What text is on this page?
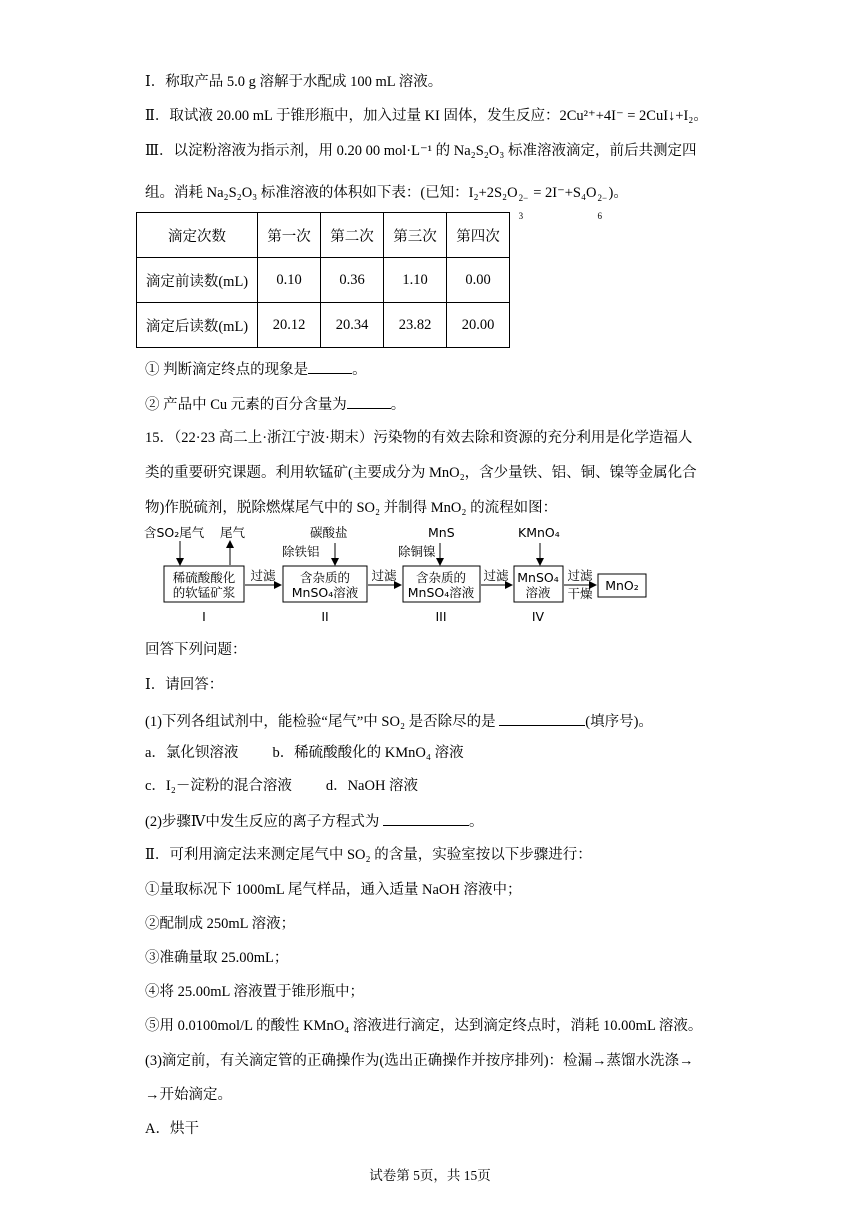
Ⅰ．称取产品 5.0 g 溶解于水配成 100 mL 溶液。
Ⅱ．取试液 20.00 mL 于锥形瓶中，加入过量 KI 固体，发生反应：2Cu²⁺+4I⁻ = 2CuI↓+I₂。
Ⅲ．以淀粉溶液为指示剂，用 0.20 00 mol·L⁻¹ 的 Na₂S₂O₃ 标准溶液滴定，前后共测定四
组。消耗 Na₂S₂O₃ 标准溶液的体积如下表：(已知：I₂+2S₂O 2−
3
= 2I⁻+S₄O 2−
6
)。
滴定次数	第一次	第二次	第三次	第四次
滴定前读数(mL)	0.10	0.36	1.10	0.00
滴定后读数(mL)	20.12	20.34	23.82	20.00
① 判断滴定终点的现象是	。
② 产品中 Cu 元素的百分含量为	。
15．（22·23 高二上·浙江宁波·期末）污染物的有效去除和资源的充分利用是化学造福人
类的重要研究课题。利用软锰矿(主要成分为 MnO₂，含少量铁、铝、铜、镍等金属化合
物)作脱硫剂，脱除燃煤尾气中的 SO₂ 并制得 MnO₂ 的流程如图：
含SO₂尾气 尾气	碳酸盐
除铁铝
MnS
除铜镍
KMnO₄
稀硫酸酸化
的软锰矿浆
含杂质的
MnSO₄溶液
含杂质的
MnSO₄溶液
MnSO₄
溶液	MnO₂
过滤	过滤	过滤	过滤
干燥
I	II	III	IV
回答下列问题：
Ⅰ．请回答：
(1)下列各组试剂中，能检验“尾气”中 SO₂ 是否除尽的是	(填序号)。
a．氯化钡溶液 b．稀硫酸酸化的 KMnO₄ 溶液
c．I₂－淀粉的混合溶液 d．NaOH 溶液
(2)步骤Ⅳ中发生反应的离子方程式为	。
Ⅱ．可利用滴定法来测定尾气中 SO₂ 的含量，实验室按以下步骤进行：
①量取标况下 1000mL 尾气样品，通入适量 NaOH 溶液中；
②配制成 250mL 溶液；
③准确量取 25.00mL；
④将 25.00mL 溶液置于锥形瓶中；
⑤用 0.0100mol/L 的酸性 KMnO₄ 溶液进行滴定，达到滴定终点时，消耗 10.00mL 溶液。
(3)滴定前，有关滴定管的正确操作为(选出正确操作并按序排列)：检漏→蒸馏水洗涤→
→开始滴定。
A．烘干
试卷第 5页，共 15页
